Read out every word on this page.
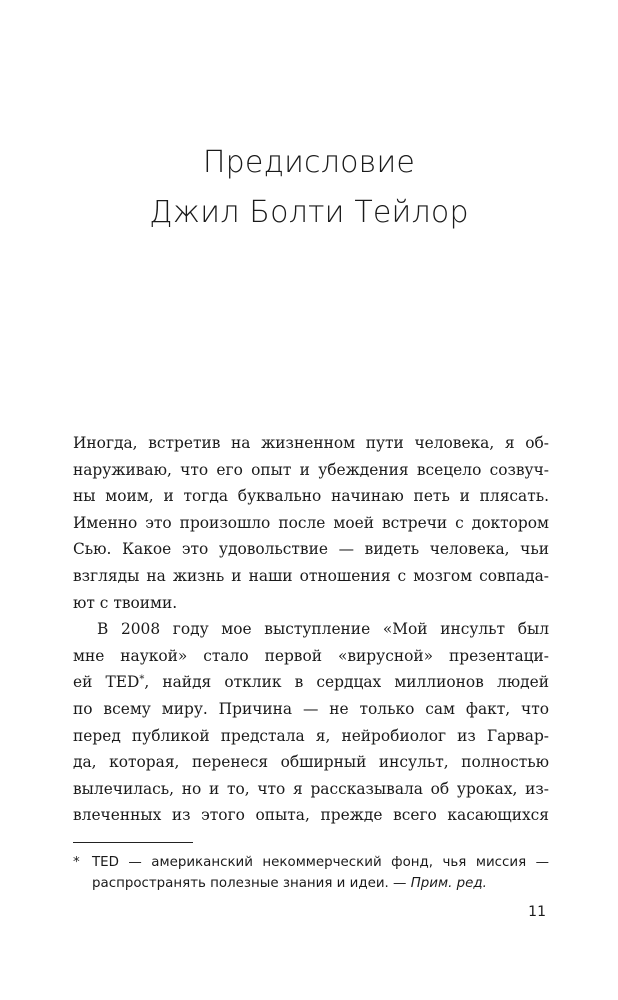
Предисловие
Джил Болти Тейлор
Иногда, встретив на жизненном пути человека, я об-
наруживаю, что его опыт и убеждения всецело созвуч-
ны моим, и тогда буквально начинаю петь и плясать.
Именно это произошло после моей встречи с доктором
Сью. Какое это удовольствие — видеть человека, чьи
взгляды на жизнь и наши отношения с мозгом совпада-
ют с твоими.
В 2008 году мое выступление «Мой инсульт был
мне наукой» стало первой «вирусной» презентаци-
ей TED*, найдя отклик в сердцах миллионов людей
по всему миру. Причина — не только сам факт, что
перед публикой предстала я, нейробиолог из Гарвар-
да, которая, перенеся обширный инсульт, полностью
вылечилась, но и то, что я рассказывала об уроках, из-
влеченных из этого опыта, прежде всего касающихся
* TED — американский некоммерческий фонд, чья миссия —
распространять полезные знания и идеи. — Прим. ред.
11
